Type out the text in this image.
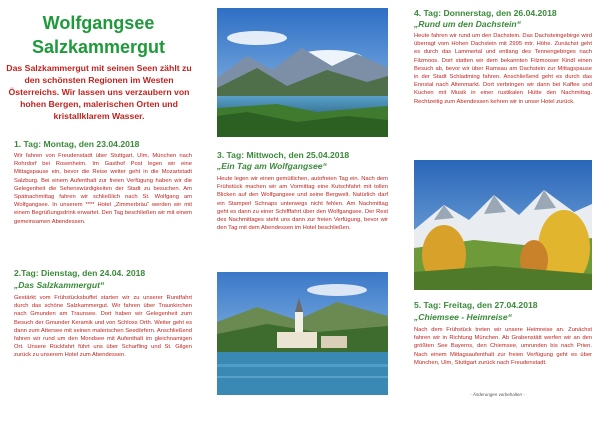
Wolfgangsee
Salzkammergut
Das Salzkammergut mit seinen Seen zählt zu den schönsten Regionen im Westen Österreichs. Wir lassen uns verzaubern von hohen Bergen, malerischen Orten und kristallklarem Wasser.
1. Tag: Montag, den 23.04.2018
Wir fahren von Freudenstadt über Stuttgart, Ulm, München nach Rohrdorf bei Rosenheim. Im Gasthof Post legen wir eine Mittagspause ein, bevor die Reise weiter geht in die Mozartstadt Salzburg. Bei einem Aufenthalt zur freien Verfügung haben wir die Gelegenheit die Sehenswürdigkeiten der Stadt zu besuchen. Am Spätnachmittag fahren wir schließlich nach St. Wolfgang am Wolfgangsee. In unserem **** Hotel „Zimmerbräu“ werden wir mit einem Begrüßungsdrink erwartet. Den Tag beschließen wir mit einem gemeinsamen Abendessen.
2.Tag: Dienstag, den 24.04. 2018
„Das Salzkammergut“
Gestärkt vom Frühstücksbuffet starten wir zu unserer Rundfahrt durch das schöne Salzkammergut. Wir fahren über Traunkirchen nach Gmunden am Traunsee. Dort haben wir Gelegenheit zum Besuch der Gmunder Keramik und von Schloss Orth. Weiter geht es dann zum Attersee mit seinen malerischen Seedörfern. Anschließend fahren wir rund um den Mondsee mit Aufenthalt im gleichnamigen Ort. Unsere Rückfahrt führt uns über Scharfling und St. Gilgen zurück zu unserem Hotel zum Abendessen.
3. Tag: Mittwoch, den 25.04.2018
„Ein Tag am Wolfgangsee“
Heute legen wir einen gemütlichen, autofreien Tag ein. Nach dem Frühstück machen wir am Vormittag eine Kutschfahrt mit tollen Blicken auf den Wolfgangsee und seine Bergwelt. Natürlich darf ein Stamperl Schnaps unterwegs nicht fehlen. Am Nachmittag geht es dann zu einer Schifffahrt über den Wolfgangsee. Der Rest des Nachmittages steht uns dann zur freien Verfügung, bevor wir den Tag mit dem Abendessen im Hotel beschließen.
4. Tag: Donnerstag, den 26.04.2018
„Rund um den Dachstein“
Heute fahren wir rund um den Dachstein. Das Dachsteingebirge wird überragt vom Hohen Dachstein mit 2995 mtr. Höhe. Zunächst geht es durch das Lammertal und entlang des Tennengebirges nach Filzmoos. Dort statten wir dem bekannten Filzmooser Kindl einen Besuch ab, bevor wir über Ramsau am Dachstein zur Mittagspause in der Stadt Schladming fahren. Anschließend geht es durch das Ennstal nach Altenmarkt. Dort verbringen wir dann bei Kaffee und Kuchen mit Musik in einer rustikalen Hütte den Nachmittag. Rechtzeitig zum Abendessen kehren wir in unser Hotel zurück.
5. Tag: Freitag, den 27.04.2018
„Chiemsee - Heimreise“
Nach dem Frühstück treten wir unsere Heimreise an. Zunächst fahren wir in Richtung München. Ab Grabenstätt werfen wir an den größten See Bayerns, den Chiemsee, umrunden bis nach Prien. Nach einem Mittagsaufenthalt zur freien Verfügung geht es über München, Ulm, Stuttgart zurück nach Freudenstadt.
- Änderungen vorbehalten -
